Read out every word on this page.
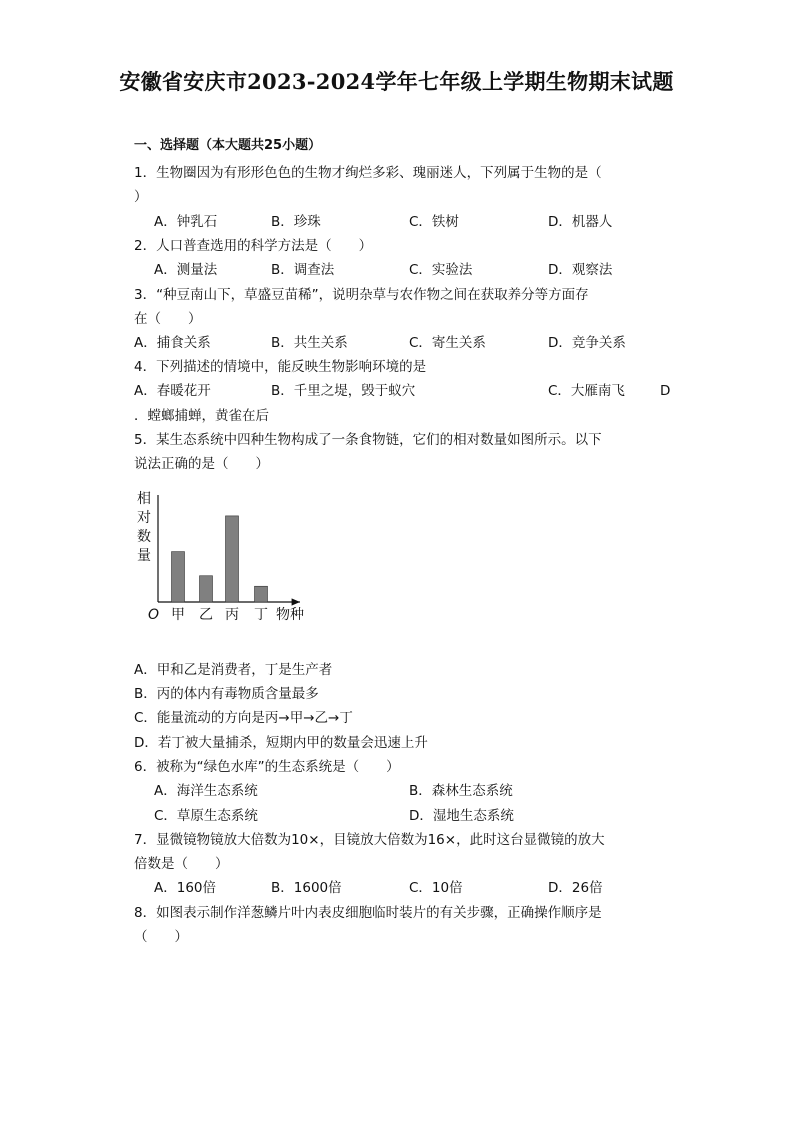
安徽省安庆市2023-2024学年七年级上学期生物期末试题
一、选择题（本大题共25小题）
1．生物圈因为有形形色色的生物才绚烂多彩、瑰丽迷人，下列属于生物的是（
）
A．钟乳石	B．珍珠	C．铁树	D．机器人
2．人口普查选用的科学方法是（　　）
A．测量法	B．调查法	C．实验法	D．观察法
3．“种豆南山下，草盛豆苗稀”，说明杂草与农作物之间在获取养分等方面存
在（　　）
A．捕食关系	B．共生关系	C．寄生关系	D．竞争关系
4．下列描述的情境中，能反映生物影响环境的是
A．春暖花开	B．千里之堤，毁于蚁穴	C．大雁南飞	D
．螳螂捕蝉，黄雀在后
5．某生态系统中四种生物构成了一条食物链，它们的相对数量如图所示。以下
说法正确的是（　　）
相对数量
O	物种
甲 乙 丙 丁
A．甲和乙是消费者，丁是生产者
B．丙的体内有毒物质含量最多
C．能量流动的方向是丙→甲→乙→丁
D．若丁被大量捕杀，短期内甲的数量会迅速上升
6．被称为“绿色水库”的生态系统是（　　）
A．海洋生态系统	B．森林生态系统
C．草原生态系统	D．湿地生态系统
7．显微镜物镜放大倍数为10×，目镜放大倍数为16×，此时这台显微镜的放大
倍数是（　　）
A．160倍	B．1600倍	C．10倍	D．26倍
8．如图表示制作洋葱鳞片叶内表皮细胞临时装片的有关步骤，正确操作顺序是
（　　）
